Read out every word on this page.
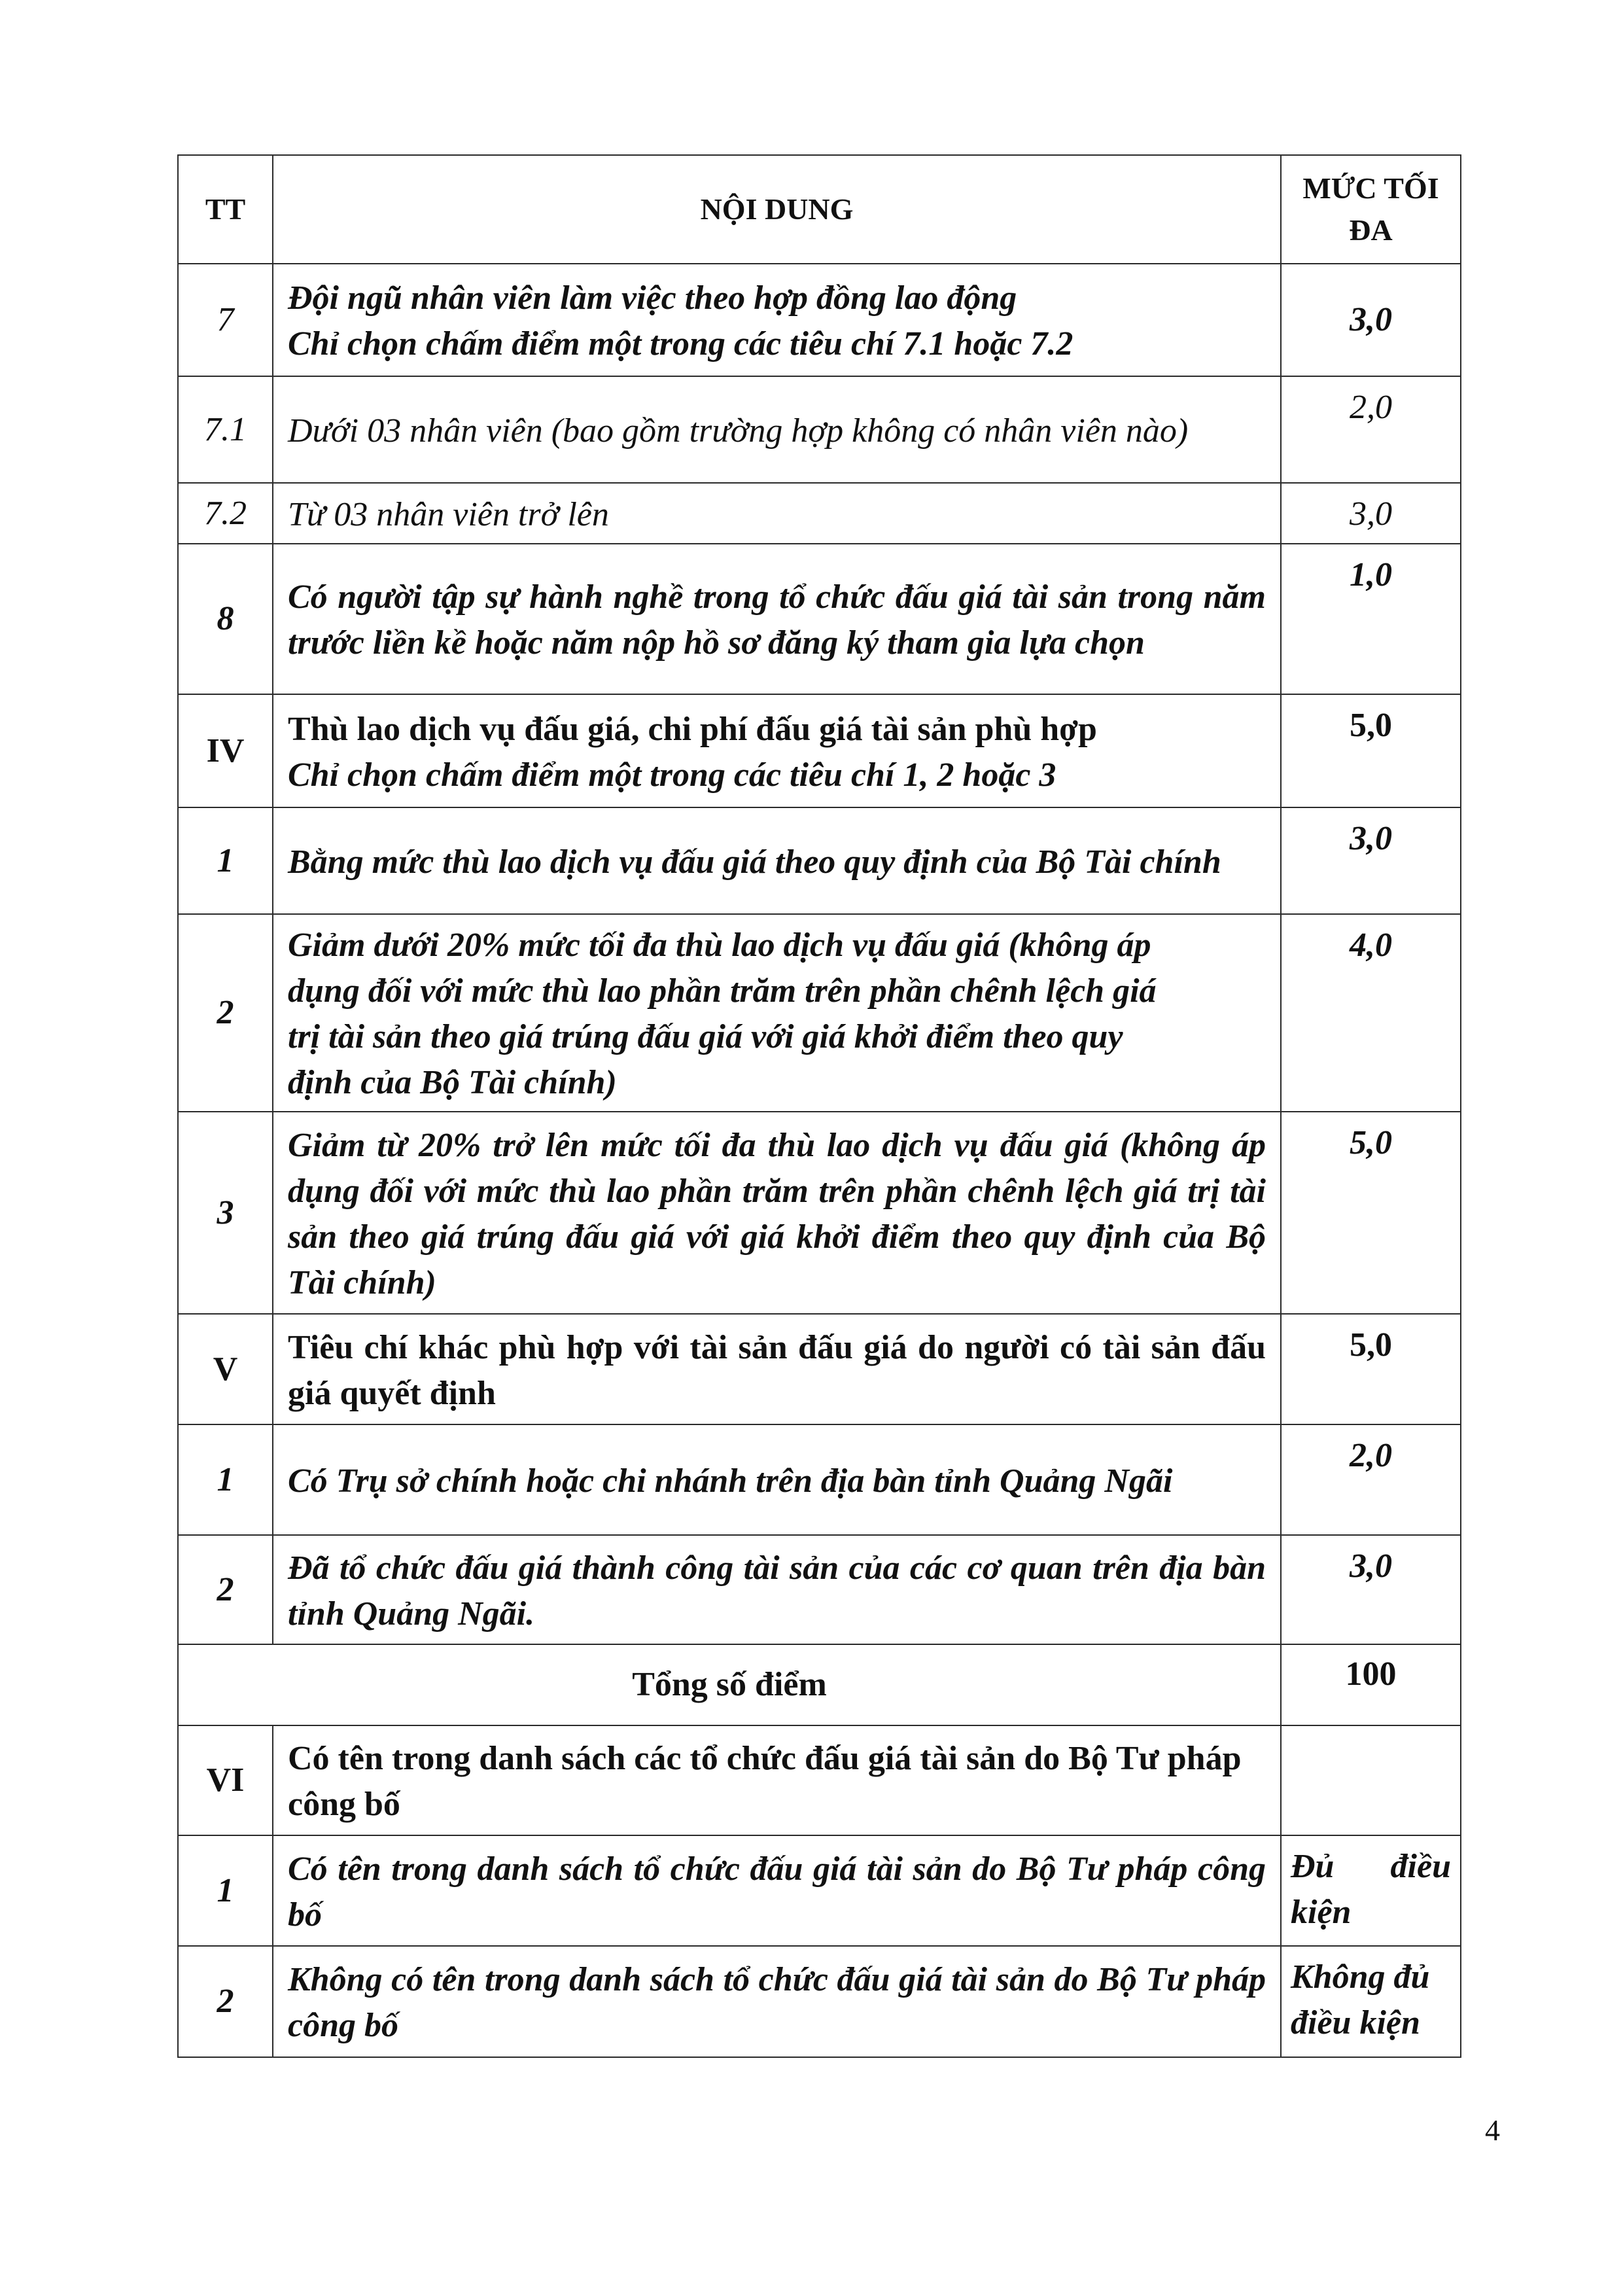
TT	NỘI DUNG	MỨC TỐI
ĐA

7	Đội ngũ nhân viên làm việc theo hợp đồng lao động
Chỉ chọn chấm điểm một trong các tiêu chí 7.1 hoặc 7.2	3,0
7.1	Dưới 03 nhân viên (bao gồm trường hợp không có nhân viên nào)	2,0
7.2	Từ 03 nhân viên trở lên	3,0
8	Có người tập sự hành nghề trong tổ chức đấu giá tài sản trong năm trước liền kề hoặc năm nộp hồ sơ đăng ký tham gia lựa chọn	1,0
IV	Thù lao dịch vụ đấu giá, chi phí đấu giá tài sản phù hợp
Chỉ chọn chấm điểm một trong các tiêu chí 1, 2 hoặc 3	5,0
1	Bằng mức thù lao dịch vụ đấu giá theo quy định của Bộ Tài chính	3,0
2	Giảm dưới 20% mức tối đa thù lao dịch vụ đấu giá (không áp
dụng đối với mức thù lao phần trăm trên phần chênh lệch giá
trị tài sản theo giá trúng đấu giá với giá khởi điểm theo quy
định của Bộ Tài chính)	4,0
3	Giảm từ 20% trở lên mức tối đa thù lao dịch vụ đấu giá (không áp dụng đối với mức thù lao phần trăm trên phần chênh lệch giá trị tài sản theo giá trúng đấu giá với giá khởi điểm theo quy định của Bộ Tài chính)	5,0
V	Tiêu chí khác phù hợp với tài sản đấu giá do người có tài sản đấu giá quyết định	5,0
1	Có Trụ sở chính hoặc chi nhánh trên địa bàn tỉnh Quảng Ngãi	2,0
2	Đã tổ chức đấu giá thành công tài sản của các cơ quan trên địa bàn tỉnh Quảng Ngãi.	3,0
Tổng số điểm		100
VI	Có tên trong danh sách các tổ chức đấu giá tài sản do Bộ Tư pháp công bố	
1	Có tên trong danh sách tổ chức đấu giá tài sản do Bộ Tư pháp công bố	Đủ điều
kiện

2	Không có tên trong danh sách tổ chức đấu giá tài sản do Bộ Tư pháp công bố	Không đủ
điều kiện
4
